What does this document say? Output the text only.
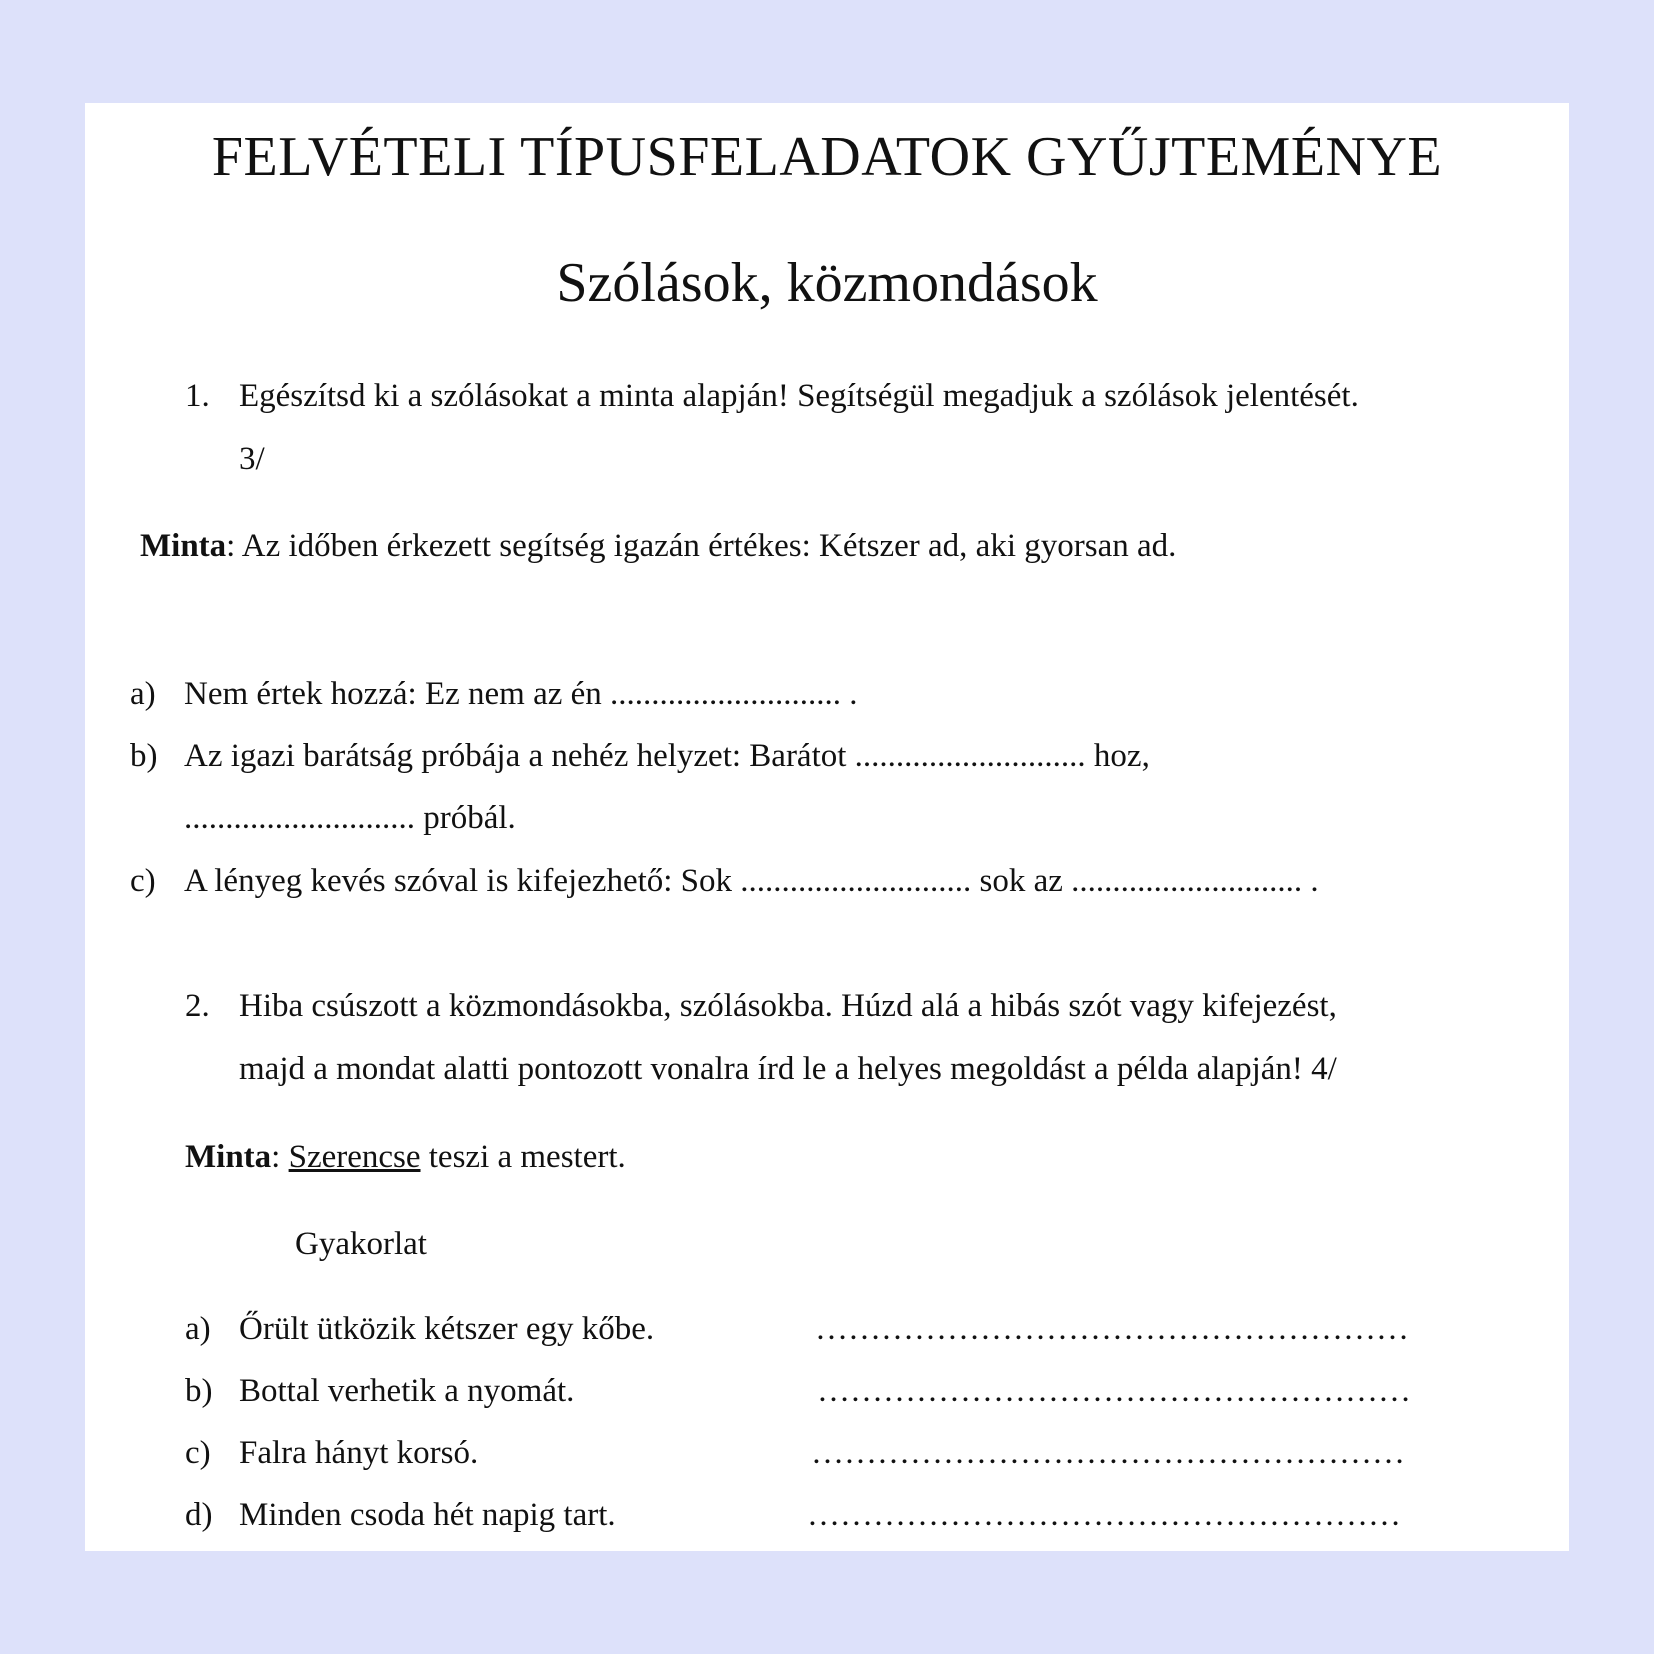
FELVÉTELI TÍPUSFELADATOK GYŰJTEMÉNYE
Szólások, közmondások
1. Egészítsd ki a szólásokat a minta alapján! Segítségül megadjuk a szólások jelentését.
3/
Minta: Az időben érkezett segítség igazán értékes: Kétszer ad, aki gyorsan ad.
a) Nem értek hozzá: Ez nem az én ............................ .
b) Az igazi barátság próbája a nehéz helyzet: Barátot ............................ hoz,
............................ próbál.
c) A lényeg kevés szóval is kifejezhető: Sok ............................ sok az ............................ .
2. Hiba csúszott a közmondásokba, szólásokba. Húzd alá a hibás szót vagy kifejezést,
majd a mondat alatti pontozott vonalra írd le a helyes megoldást a példa alapján! 4/
Minta: Szerencse teszi a mestert.
Gyakorlat
a) Őrült ütközik kétszer egy kőbe.	………………………………………………
b) Bottal verhetik a nyomát.	………………………………………………
c) Falra hányt korsó.	………………………………………………
d) Minden csoda hét napig tart.	………………………………………………
